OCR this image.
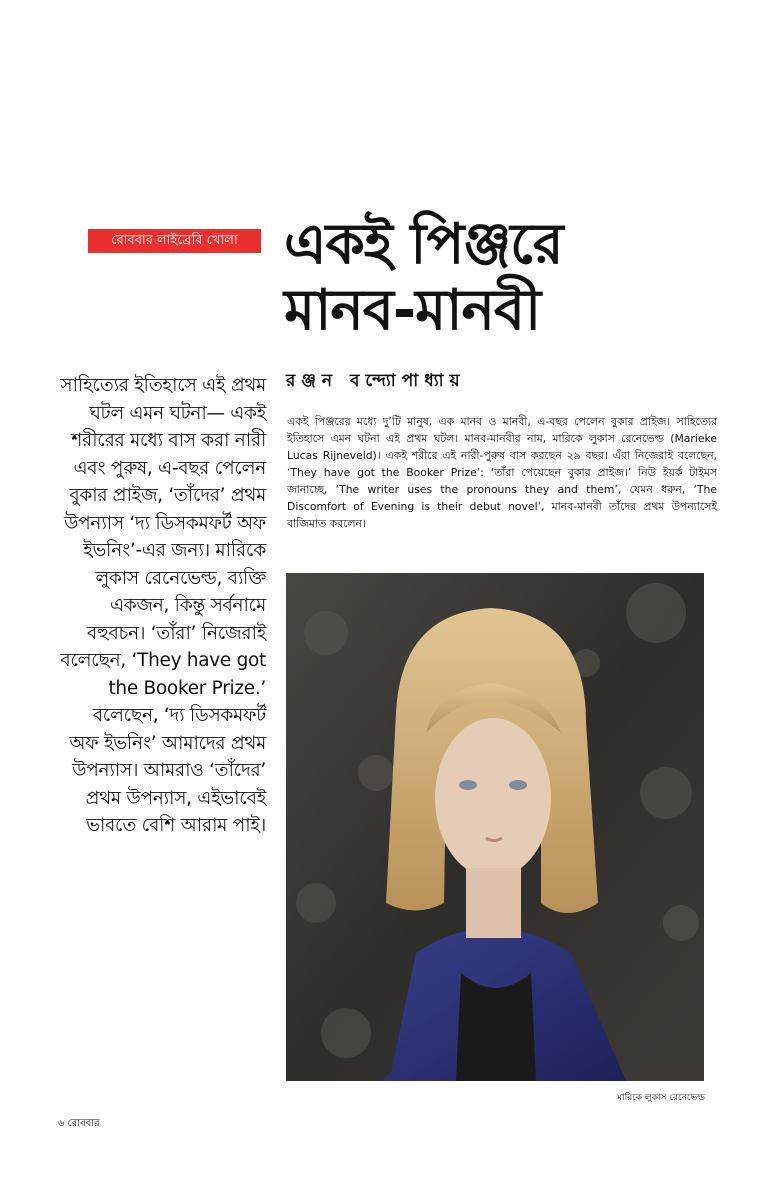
রোববার লাইব্রেরি খোলা একই পিঞ্জরে
মানব-মানবী
রঞ্জন বন্দ্যোপাধ্যায়

সাহিত্যের ইতিহাসে এই প্রথম ঘটল এমন ঘটনা— একই শরীরের মধ্যে বাস করা নারী এবং পুরুষ, এ-বছর পেলেন বুকার প্রাইজ, ‘তাঁদের’ প্রথম উপন্যাস ‘দ্য ডিসকমফর্ট অফ ইভনিং’-এর জন্য। মারিকে লুকাস রেনেভেল্ড, ব্যক্তি একজন, কিন্তু সর্বনামে বহুবচন। ‘তাঁরা’ নিজেরাই বলেছেন, ‘They have got the Booker Prize.’ বলেছেন, ‘দ্য ডিসকমফর্ট অফ ইভনিং’ আমাদের প্রথম উপন্যাস। আমরাও ‘তাঁদের’ প্রথম উপন্যাস, এইভাবেই ভাবতে বেশি আরাম পাই।

একই পিঞ্জরের মধ্যে দু’টি মানুষ, এক মানব ও মানবী, এ-বছর পেলেন বুকার প্রাইজ। সাহিত্যের ইতিহাসে এমন ঘটনা এই প্রথম ঘটল। মানব-মানবীর নাম, মারিকে লুকাস রেনেভেল্ড (Marieke Lucas Rijneveld)। একই শরীরে এই নারী-পুরুষ বাস করছেন ২৯ বছর। এঁরা নিজেরাই বলেছেন, ‘They have got the Booker Prize’: ‘তাঁরা পেয়েছেন বুকার প্রাইজ।’ নিউ ইয়র্ক টাইমস জানাচ্ছে, ‘The writer uses the pronouns they and them’, যেমন ধরুন, ‘The Discomfort of Evening is their debut novel’, মানব-মানবী তাঁদের প্রথম উপন্যাসেই বাজিমাত করলেন।

মারিকে লুকাস রেনেভেল্ড
৬ রোববার
